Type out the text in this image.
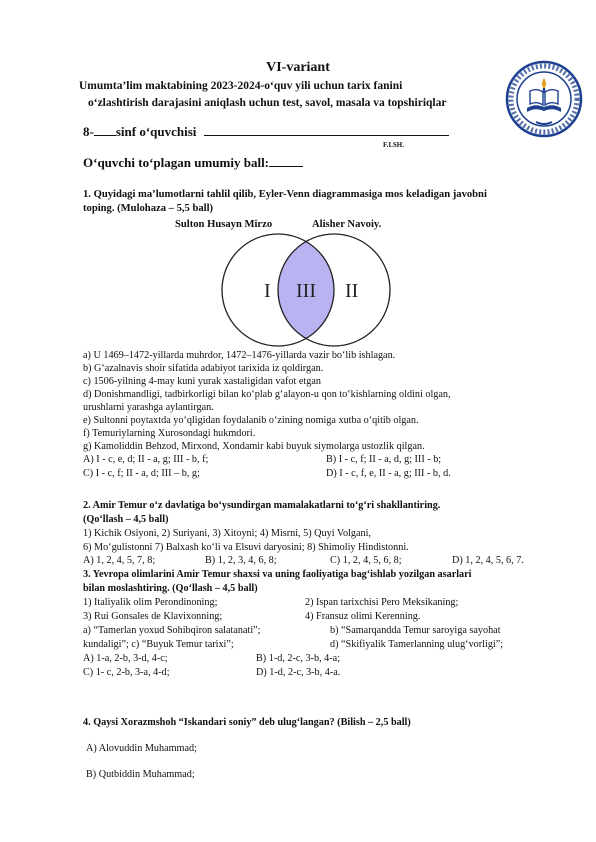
VI-variant
Umumta’lim maktabining 2023-2024-o‘quv yili uchun tarix fanini
o‘zlashtirish darajasini aniqlash uchun test, savol, masala va topshiriqlar
8- sinf o‘quvchisi
F.I.SH.
O‘quvchi to‘plagan umumiy ball:
1. Quyidagi ma’lumotlarni tahlil qilib, Eyler-Venn diagrammasiga mos keladigan javobni
toping. (Mulohaza – 5,5 ball)
Sulton Husayn Mirzo	Alisher Navoiy.
I III II
a) U 1469–1472-yillarda muhrdor, 1472–1476-yillarda vazir bo‘lib ishlagan.
b) G‘azalnavis shoir sifatida adabiyot tarixida iz qoldirgan.
c) 1506-yilning 4-may kuni yurak xastaligidan vafot etgan
d) Donishmandligi, tadbirkorligi bilan ko‘plab g‘alayon-u qon to‘kishlarning oldini olgan,
urushlarni yarashga aylantirgan.
e) Sultonni poytaxtda yo‘qligidan foydalanib o‘zining nomiga xutba o‘qitib olgan.
f) Temuriylarning Xurosondagi hukmdori.
g) Kamoliddin Behzod, Mirxond, Xondamir kabi buyuk siymolarga ustozlik qilgan.
A) I - c, e, d; II - a, g; III - b, f;	B) I - c, f; II - a, d, g; III - b;
C) I - c, f; II - a, d; III – b, g;	D) I - c, f, e, II - a, g; III - b, d.
2. Amir Temur o‘z davlatiga bo‘ysundirgan mamalakatlarni to‘g‘ri shakllantiring.
(Qo‘llash – 4,5 ball)
1) Kichik Osiyoni, 2) Suriyani, 3) Xitoyni; 4) Misrni, 5) Quyi Volgani,
6) Mo‘gulistonni 7) Balxash ko‘li va Elsuvi daryosini; 8) Shimoliy Hindistonni.
A) 1, 2, 4, 5, 7, 8;	B) 1, 2, 3, 4, 6, 8;	C) 1, 2, 4, 5, 6, 8;	D) 1, 2, 4, 5, 6, 7.
3. Yevropa olimlarini Amir Temur shaxsi va uning faoliyatiga bag‘ishlab yozilgan asarlari
bilan moslashtiring. (Qo‘llash – 4,5 ball)
1) Italiyalik olim Perondinoning;	2) Ispan tarixchisi Pero Meksikaning;
3) Rui Gonsales de Klavixonning;	4) Fransuz olimi Kerenning.
a) “Tamerlan yoxud Sohibqiron salatanati”;	b) “Samarqandda Temur saroyiga sayohat
kundaligi”; c) “Buyuk Temur tarixi”;	d) “Skifiyalik Tamerlanning ulug‘vorligi”;
A) 1-a, 2-b, 3-d, 4-c;	B) 1-d, 2-c, 3-b, 4-a;
C) 1- c, 2-b, 3-a, 4-d;	D) 1-d, 2-c, 3-b, 4-a.
4. Qaysi Xorazmshoh “Iskandari soniy” deb ulug‘langan? (Bilish – 2,5 ball)
A) Alovuddin Muhammad;
B) Qutbiddin Muhammad;
